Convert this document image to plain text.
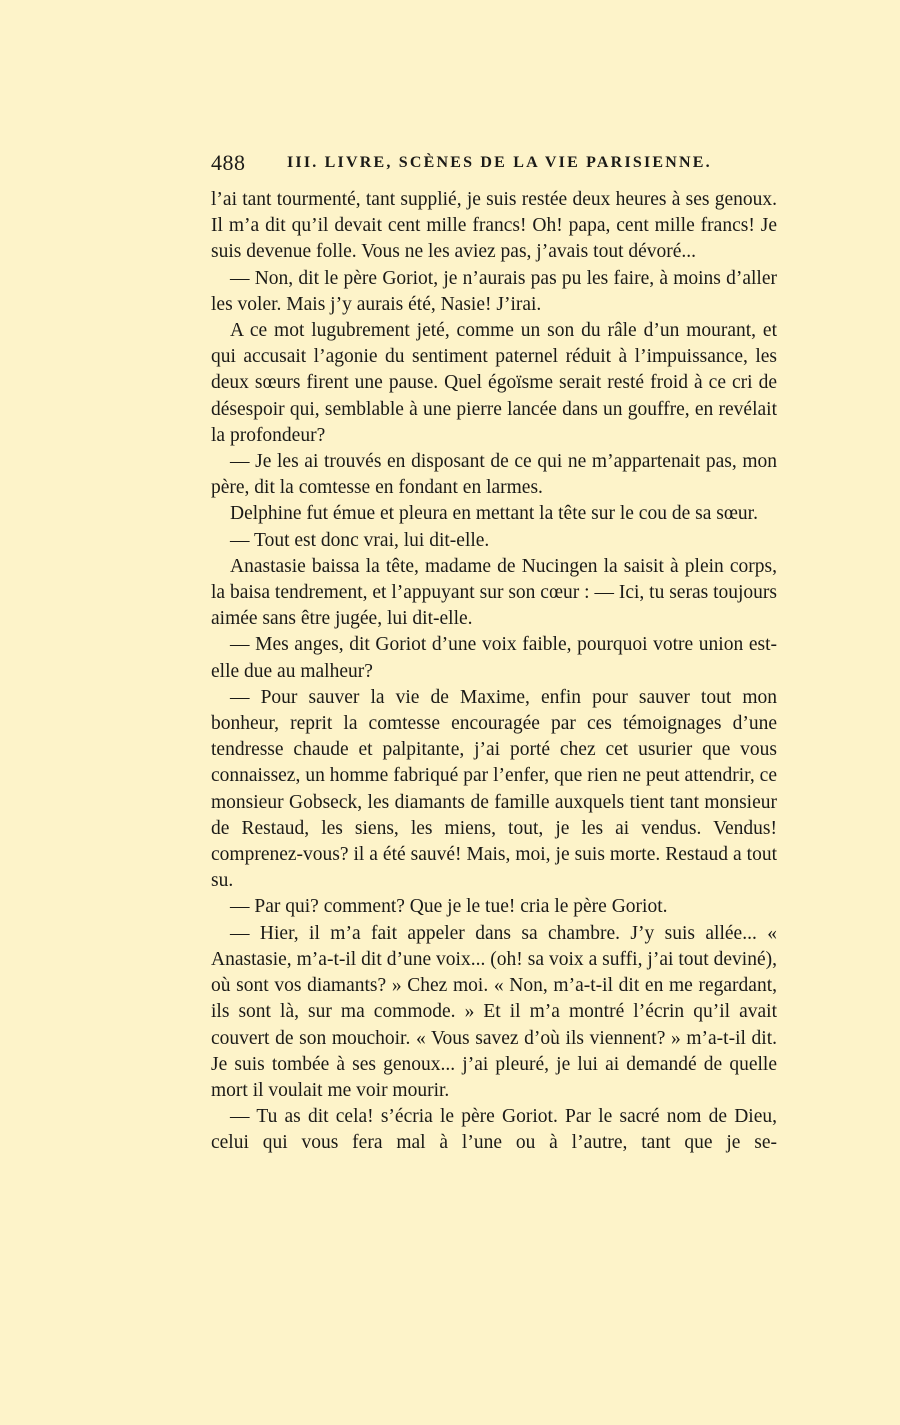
488	III. LIVRE, SCÈNES DE LA VIE PARISIENNE.

l’ai tant tourmenté, tant supplié, je suis restée deux heures à ses genoux. Il m’a dit qu’il devait cent mille francs! Oh! papa, cent mille francs! Je suis devenue folle. Vous ne les aviez pas, j’avais tout dévoré...

— Non, dit le père Goriot, je n’aurais pas pu les faire, à moins d’aller les voler. Mais j’y aurais été, Nasie! J’irai.

A ce mot lugubrement jeté, comme un son du râle d’un mourant, et qui accusait l’agonie du sentiment paternel réduit à l’impuissance, les deux sœurs firent une pause. Quel égoïsme serait resté froid à ce cri de désespoir qui, semblable à une pierre lancée dans un gouffre, en revélait la profondeur?

— Je les ai trouvés en disposant de ce qui ne m’appartenait pas, mon père, dit la comtesse en fondant en larmes.

Delphine fut émue et pleura en mettant la tête sur le cou de sa sœur.

— Tout est donc vrai, lui dit-elle.

Anastasie baissa la tête, madame de Nucingen la saisit à plein corps, la baisa tendrement, et l’appuyant sur son cœur : — Ici, tu seras toujours aimée sans être jugée, lui dit-elle.

— Mes anges, dit Goriot d’une voix faible, pourquoi votre union est-elle due au malheur?

— Pour sauver la vie de Maxime, enfin pour sauver tout mon bonheur, reprit la comtesse encouragée par ces témoignages d’une tendresse chaude et palpitante, j’ai porté chez cet usurier que vous connaissez, un homme fabriqué par l’enfer, que rien ne peut attendrir, ce monsieur Gobseck, les diamants de famille auxquels tient tant monsieur de Restaud, les siens, les miens, tout, je les ai vendus. Vendus! comprenez-vous? il a été sauvé! Mais, moi, je suis morte. Restaud a tout su.

— Par qui? comment? Que je le tue! cria le père Goriot.

— Hier, il m’a fait appeler dans sa chambre. J’y suis allée... « Anastasie, m’a-t-il dit d’une voix... (oh! sa voix a suffi, j’ai tout deviné), où sont vos diamants? » Chez moi. « Non, m’a-t-il dit en me regardant, ils sont là, sur ma commode. » Et il m’a montré l’écrin qu’il avait couvert de son mouchoir. « Vous savez d’où ils viennent? » m’a-t-il dit. Je suis tombée à ses genoux... j’ai pleuré, je lui ai demandé de quelle mort il voulait me voir mourir.

— Tu as dit cela! s’écria le père Goriot. Par le sacré nom de Dieu, celui qui vous fera mal à l’une ou à l’autre, tant que je se-
